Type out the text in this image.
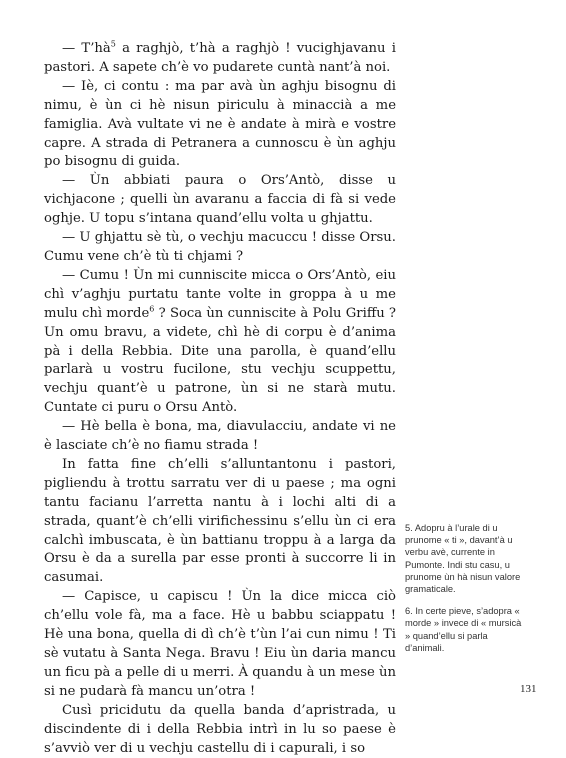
— $T’hà^5$ a raghjò, t’hà a raghjò ! vucighjavanu i pastori. A sapete ch’è vo pudarete cuntà nant’à noi.

— Iè, ci contu : ma par avà ùn aghju bisognu di nimu, è ùn ci hè nisun piriculu à minaccià a me famiglia. Avà vultate vi ne è andate à mirà e vostre capre. A strada di Petranera a cunnoscu è ùn aghju po bisognu di guida.

— Ùn abbiati paura o Ors’Antò, disse u vichjacone ; quelli ùn avaranu a faccia di fà si vede oghje. U topu s’intana quand’ellu volta u ghjattu.

— U ghjattu sè tù, o vechju macuccu ! disse Orsu. Cumu vene ch’è tù ti chjami ?

— Cumu ! Ùn mi cunniscite micca o Ors’Antò, eiu chì v’aghju purtatu tante volte in groppa à u me mulu chì morde$^6$ ? Soca ùn cunniscite à Polu Griffu ? Un omu bravu, a videte, chì hè di corpu è d’anima pà i della Rebbia. Dite una parolla, è quand’ellu parlarà u vostru fucilone, stu vechju scuppettu, vechju quant’è u patrone, ùn si ne starà mutu. Cuntate ci puru o Orsu Antò.

— Hè bella è bona, ma, diavulacciu, andate vi ne è lasciate ch’è no fiamu strada !

In fatta fine ch’elli s’alluntantonu i pastori, pigliendu à trottu sarratu ver di u paese ; ma ogni tantu facianu l’arretta nantu à i lochi alti di a strada, quant’è ch’elli virifichessinu s’ellu ùn ci era calchì imbuscata, è ùn battianu troppu à a larga da Orsu è da a surella par esse pronti à succorre li in casumai.

— Capisce, u capiscu ! Ùn la dice micca ciò ch’ellu vole fà, ma a face. Hè u babbu sciappatu ! Hè una bona, quella di dì ch’è t’ùn l’ai cun nimu ! Ti sè vutatu à Santa Nega. Bravu ! Eiu ùn daria mancu un ficu pà a pelle di u merri. À quandu à un mese ùn si ne pudarà fà mancu un’otra !

Cusì pricidutu da quella banda d’apristrada, u discindente di i della Rebbia intrì in lu so paese è s’avviò ver di u vechju castellu di i capurali, i so

5. Adopru à l’urale di u prunome « ti », davant’à u verbu avè, currente in Pumonte. Indi stu casu, u prunome ùn hà nisun valore gramaticale.

6. In certe pieve, s’adopra « morde » invece di « mursicà » quand’ellu si parla d’animali.

131
